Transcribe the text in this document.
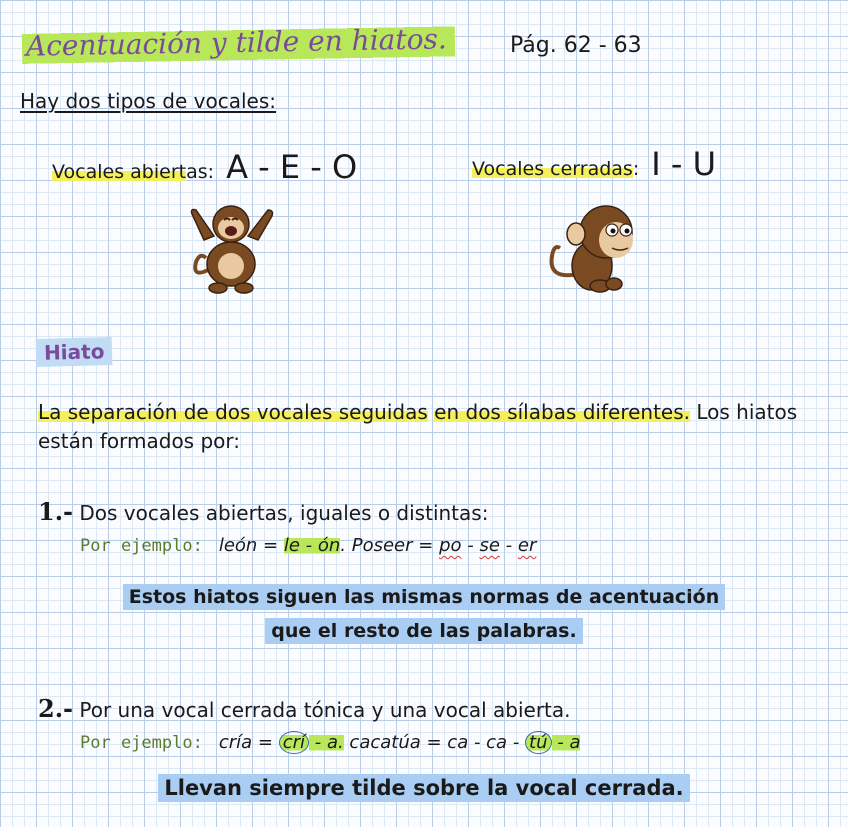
Acentuación y tilde en hiatos.	Pág. 62 - 63
Hay dos tipos de vocales:
Vocales abiertas: A - E - O	Vocales cerradas: I - U
Hiato
La separación de dos vocales seguidas en dos sílabas diferentes. Los hiatos están formados por:
1.- Dos vocales abiertas, iguales o distintas:
Por ejemplo: león = le - ón. Poseer = po - se - er
Estos hiatos siguen las mismas normas de acentuación
que el resto de las palabras.
2.- Por una vocal cerrada tónica y una vocal abierta.
Por ejemplo: cría = crí - a. cacatúa = ca - ca - tú - a
Llevan siempre tilde sobre la vocal cerrada.
